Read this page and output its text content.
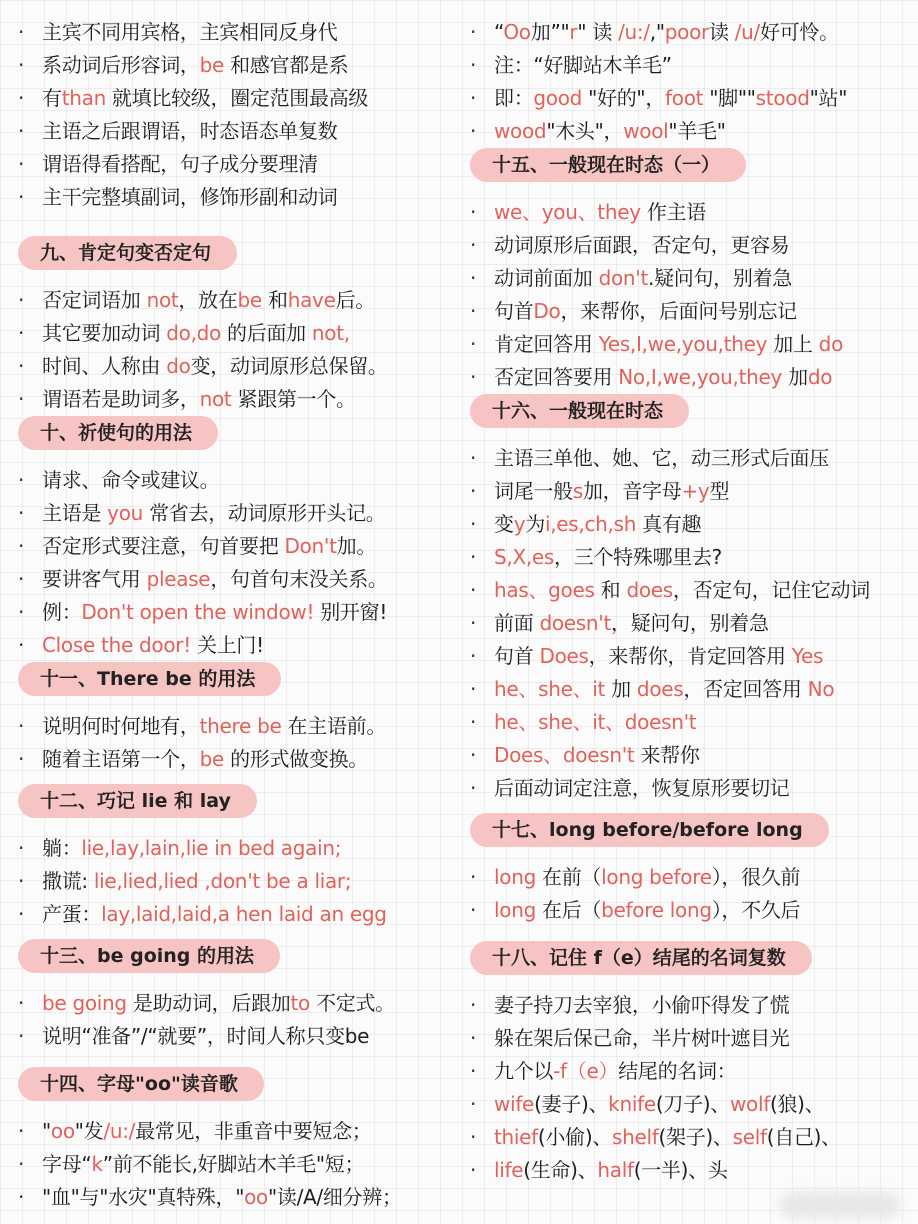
· 主宾不同用宾格，主宾相同反身代
· 系动词后形容词，be 和感官都是系
· 有than 就填比较级，圈定范围最高级
· 主语之后跟谓语，时态语态单复数
· 谓语得看搭配，句子成分要理清
· 主干完整填副词，修饰形副和动词
九、肯定句变否定句
· 否定词语加 not，放在be 和have后。
· 其它要加动词 do,do 的后面加 not,
· 时间、人称由 do变，动词原形总保留。
· 谓语若是助词多，not 紧跟第一个。
十、祈使句的用法
· 请求、命令或建议。
· 主语是 you 常省去，动词原形开头记。
· 否定形式要注意，句首要把 Don't加。
· 要讲客气用 please，句首句末没关系。
· 例：Don't open the window! 别开窗!
· Close the door! 关上门!
十一、There be 的用法
· 说明何时何地有，there be 在主语前。
· 随着主语第一个，be 的形式做变换。
十二、巧记 lie 和 lay
· 躺：lie,lay,lain,lie in bed again;
· 撒谎: lie,lied,lied ,don't be a liar;
· 产蛋：lay,laid,laid,a hen laid an egg
十三、be going 的用法
· be going 是助动词，后跟加to 不定式。
· 说明“准备”/“就要”，时间人称只变be
十四、字母"oo"读音歌
· "oo"发/u:/最常见，非重音中要短念；
· 字母“k”前不能长,好脚站木羊毛"短；
· "血"与"水灾"真特殊，"oo"读/A/细分辨；
· “Oo加”"r" 读 /u:/,"poor读 /u/好可怜。
· 注：“好脚站木羊毛”
· 即：good "好的"，foot "脚""stood"站"
· wood"木头"，wool"羊毛"
十五、一般现在时态（一）
· we、you、they 作主语
· 动词原形后面跟，否定句，更容易
· 动词前面加 don't.疑问句，别着急
· 句首Do，来帮你，后面问号别忘记
· 肯定回答用 Yes,I,we,you,they 加上 do
· 否定回答要用 No,I,we,you,they 加do
十六、一般现在时态
· 主语三单他、她、它，动三形式后面压
· 词尾一般s加，音字母+y型
· 变y为i,es,ch,sh 真有趣
· S,X,es，三个特殊哪里去?
· has、goes 和 does，否定句，记住它动词
· 前面 doesn't，疑问句，别着急
· 句首 Does，来帮你，肯定回答用 Yes
· he、she、it 加 does，否定回答用 No
· he、she、it、doesn't
· Does、doesn't 来帮你
· 后面动词定注意，恢复原形要切记
十七、long before/before long
· long 在前（long before），很久前
· long 在后（before long），不久后
十八、记住 f（e）结尾的名词复数
· 妻子持刀去宰狼，小偷吓得发了慌
· 躲在架后保己命，半片树叶遮目光
· 九个以-f（e）结尾的名词：
· wife(妻子)、knife(刀子)、wolf(狼)、
· thief(小偷)、shelf(架子)、self(自己)、
· life(生命)、half(一半)、头
